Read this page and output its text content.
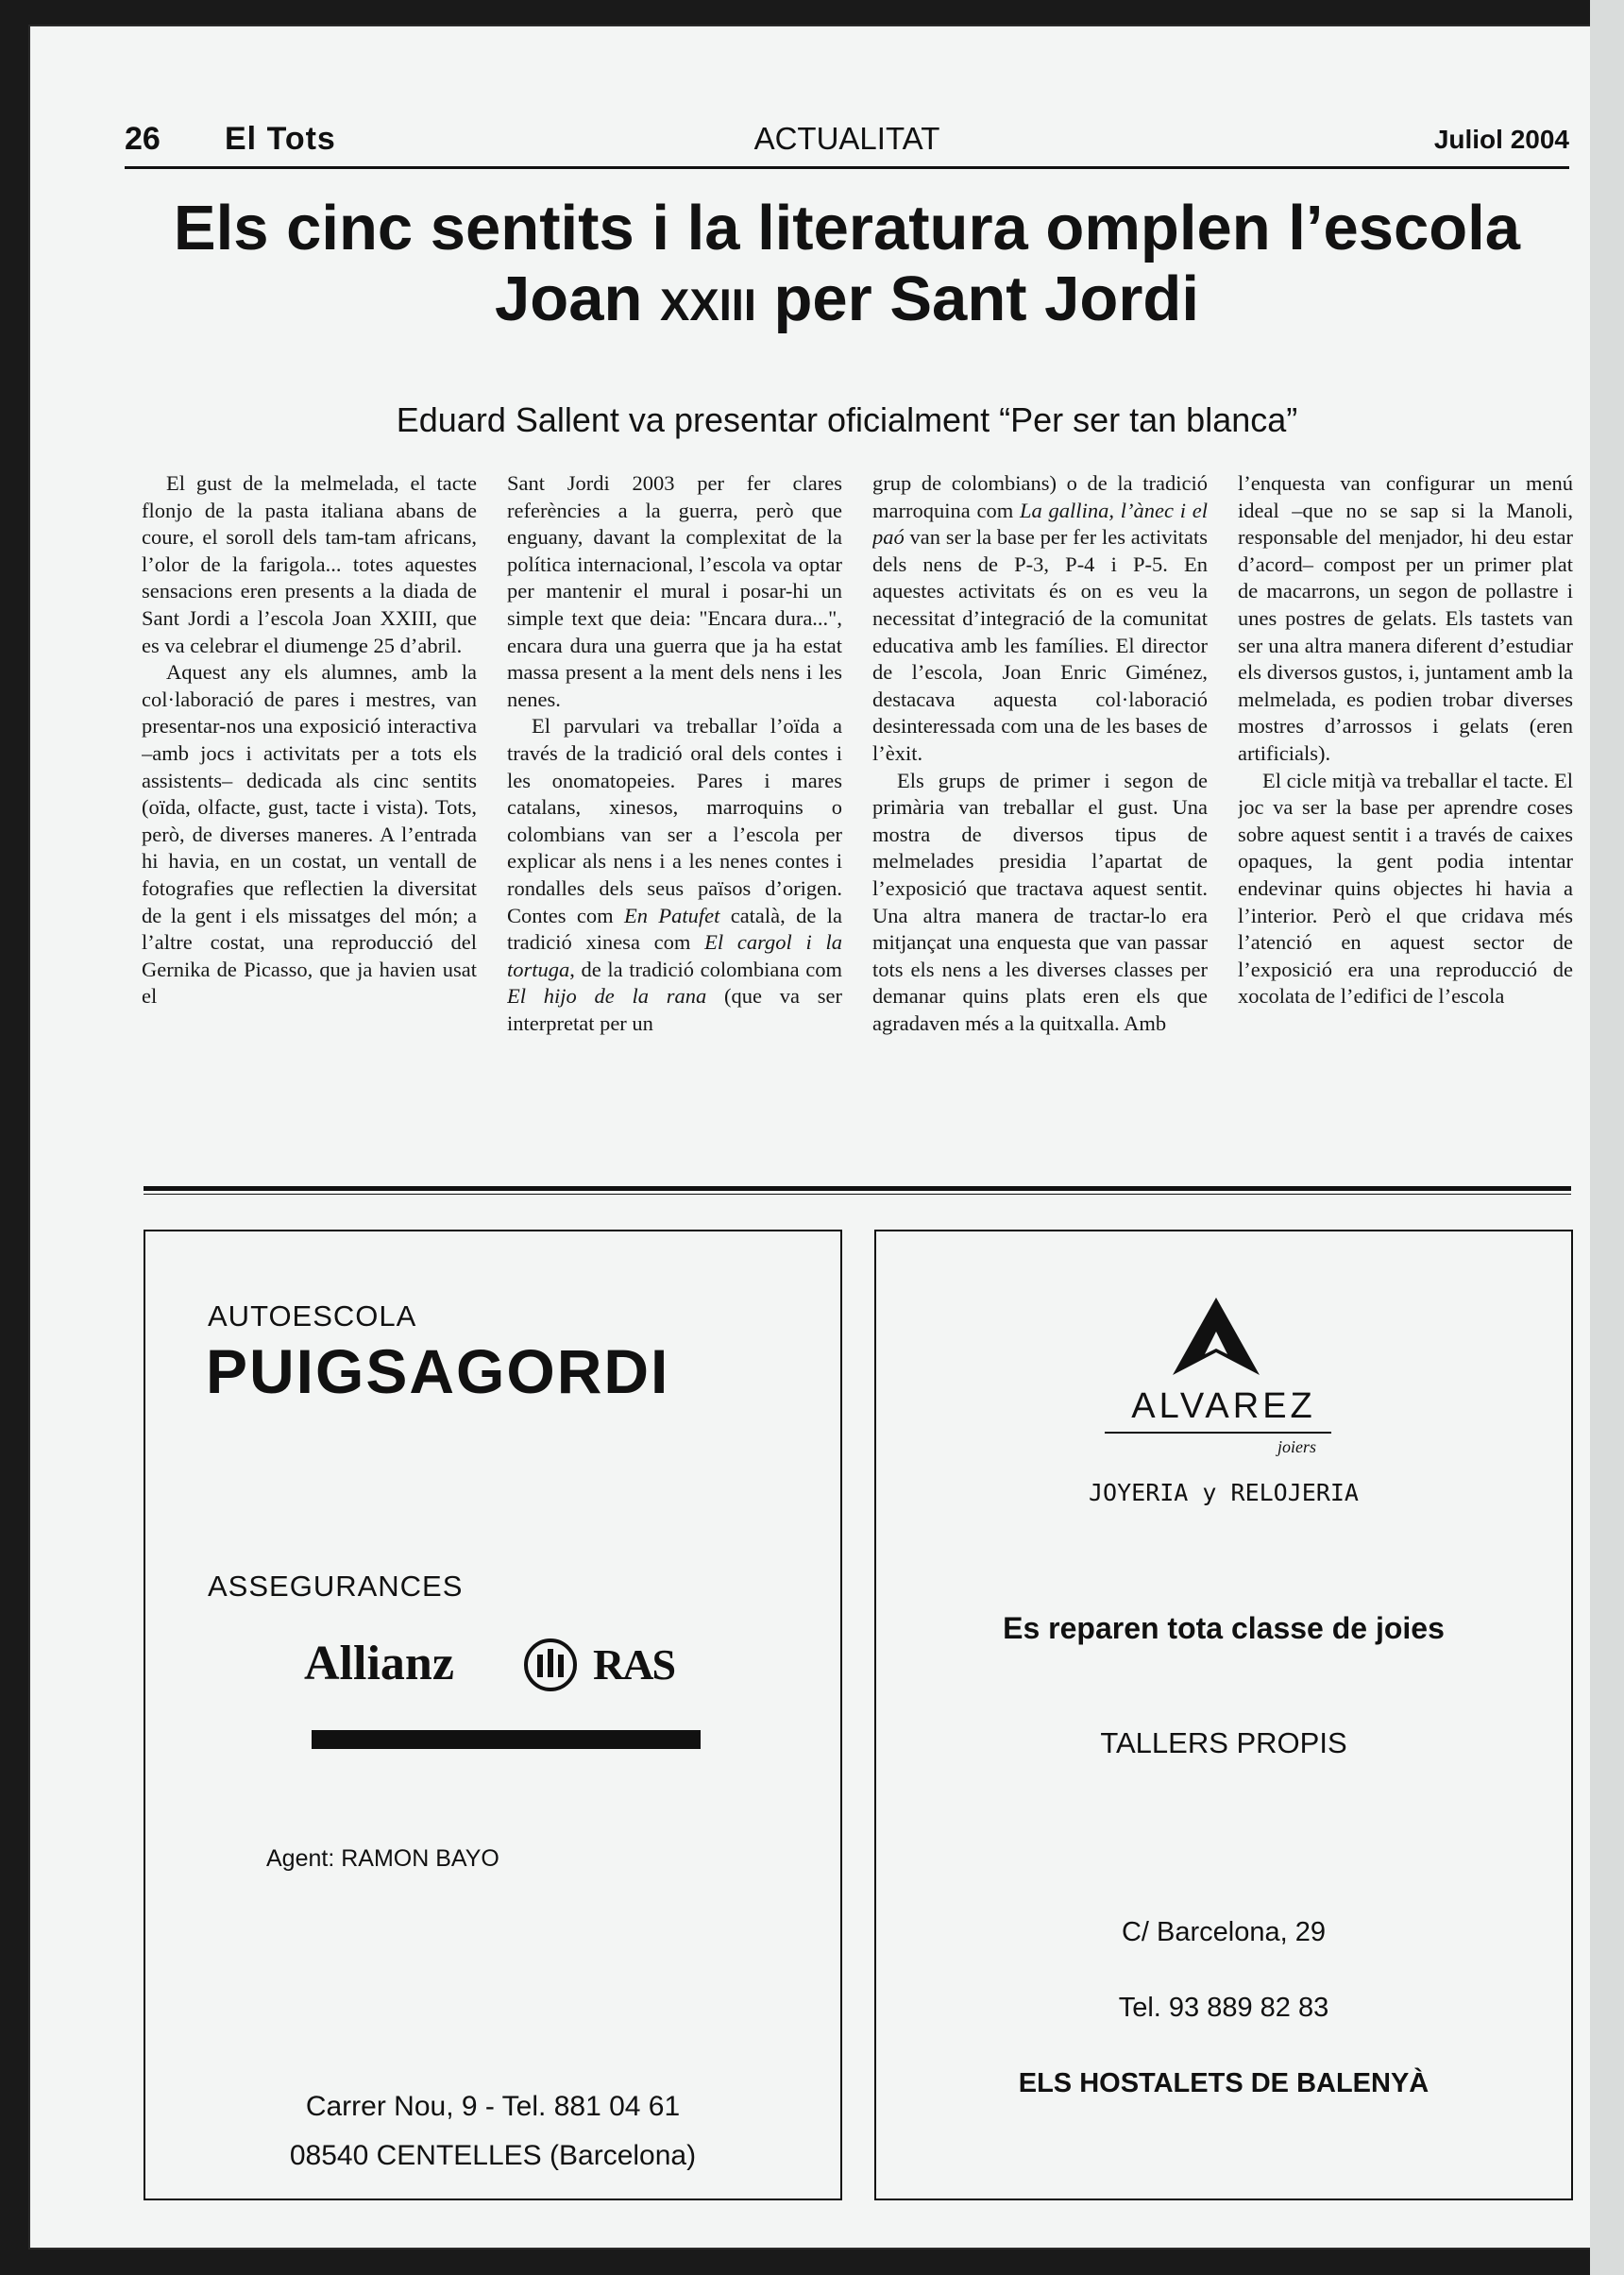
26 El Tots	ACTUALITAT	Juliol 2004
Els cinc sentits i la literatura omplen l’escola
Joan xxiii per Sant Jordi
Eduard Sallent va presentar oficialment “Per ser tan blanca”

El gust de la melmelada, el tacte flonjo de la pasta italiana abans de coure, el soroll dels tam-tam africans, l’olor de la farigola... totes aquestes sensacions eren presents a la diada de Sant Jordi a l’escola Joan XXIII, que es va celebrar el diumenge 25 d’abril.

Aquest any els alumnes, amb la col·laboració de pares i mestres, van presentar-nos una exposició interactiva –amb jocs i activitats per a tots els assistents– dedicada als cinc sentits (oïda, olfacte, gust, tacte i vista). Tots, però, de diverses maneres. A l’entrada hi havia, en un costat, un ventall de fotografies que reflectien la diversitat de la gent i els missatges del món; a l’altre costat, una reproducció del Gernika de Picasso, que ja havien usat el

Sant Jordi 2003 per fer clares referències a la guerra, però que enguany, davant la complexitat de la política internacional, l’escola va optar per mantenir el mural i posar-hi un simple text que deia: "Encara dura...", encara dura una guerra que ja ha estat massa present a la ment dels nens i les nenes.

El parvulari va treballar l’oïda a través de la tradició oral dels contes i les onomatopeies. Pares i mares catalans, xinesos, marroquins o colombians van ser a l’escola per explicar als nens i a les nenes contes i rondalles dels seus països d’origen. Contes com En Patufet català, de la tradició xinesa com El cargol i la tortuga, de la tradició colombiana com El hijo de la rana (que va ser interpretat per un

grup de colombians) o de la tradició marroquina com La gallina, l’ànec i el paó van ser la base per fer les activitats dels nens de P-3, P-4 i P-5. En aquestes activitats és on es veu la necessitat d’integració de la comunitat educativa amb les famílies. El director de l’escola, Joan Enric Giménez, destacava aquesta col·laboració desinteressada com una de les bases de l’èxit.

Els grups de primer i segon de primària van treballar el gust. Una mostra de diversos tipus de melmelades presidia l’apartat de l’exposició que tractava aquest sentit. Una altra manera de tractar-lo era mitjançat una enquesta que van passar tots els nens a les diverses classes per demanar quins plats eren els que agradaven més a la quitxalla. Amb

l’enquesta van configurar un menú ideal –que no se sap si la Manoli, responsable del menjador, hi deu estar d’acord– compost per un primer plat de macarrons, un segon de pollastre i unes postres de gelats. Els tastets van ser una altra manera diferent d’estudiar els diversos gustos, i, juntament amb la melmelada, es podien trobar diverses mostres d’arrossos i gelats (eren artificials).

El cicle mitjà va treballar el tacte. El joc va ser la base per aprendre coses sobre aquest sentit i a través de caixes opaques, la gent podia intentar endevinar quins objectes hi havia a l’interior. Però el que cridava més l’atenció en aquest sector de l’exposició era una reproducció de xocolata de l’edifici de l’escola

AUTOESCOLA
PUIGSAGORDI
ASSEGURANCES
Allianz	RAS
Agent: RAMON BAYO
Carrer Nou, 9 - Tel. 881 04 61
08540 CENTELLES (Barcelona)
ALVAREZ
joiers
JOYERIA y RELOJERIA
Es reparen tota classe de joies
TALLERS PROPIS
C/ Barcelona, 29
Tel. 93 889 82 83
ELS HOSTALETS DE BALENYÀ
